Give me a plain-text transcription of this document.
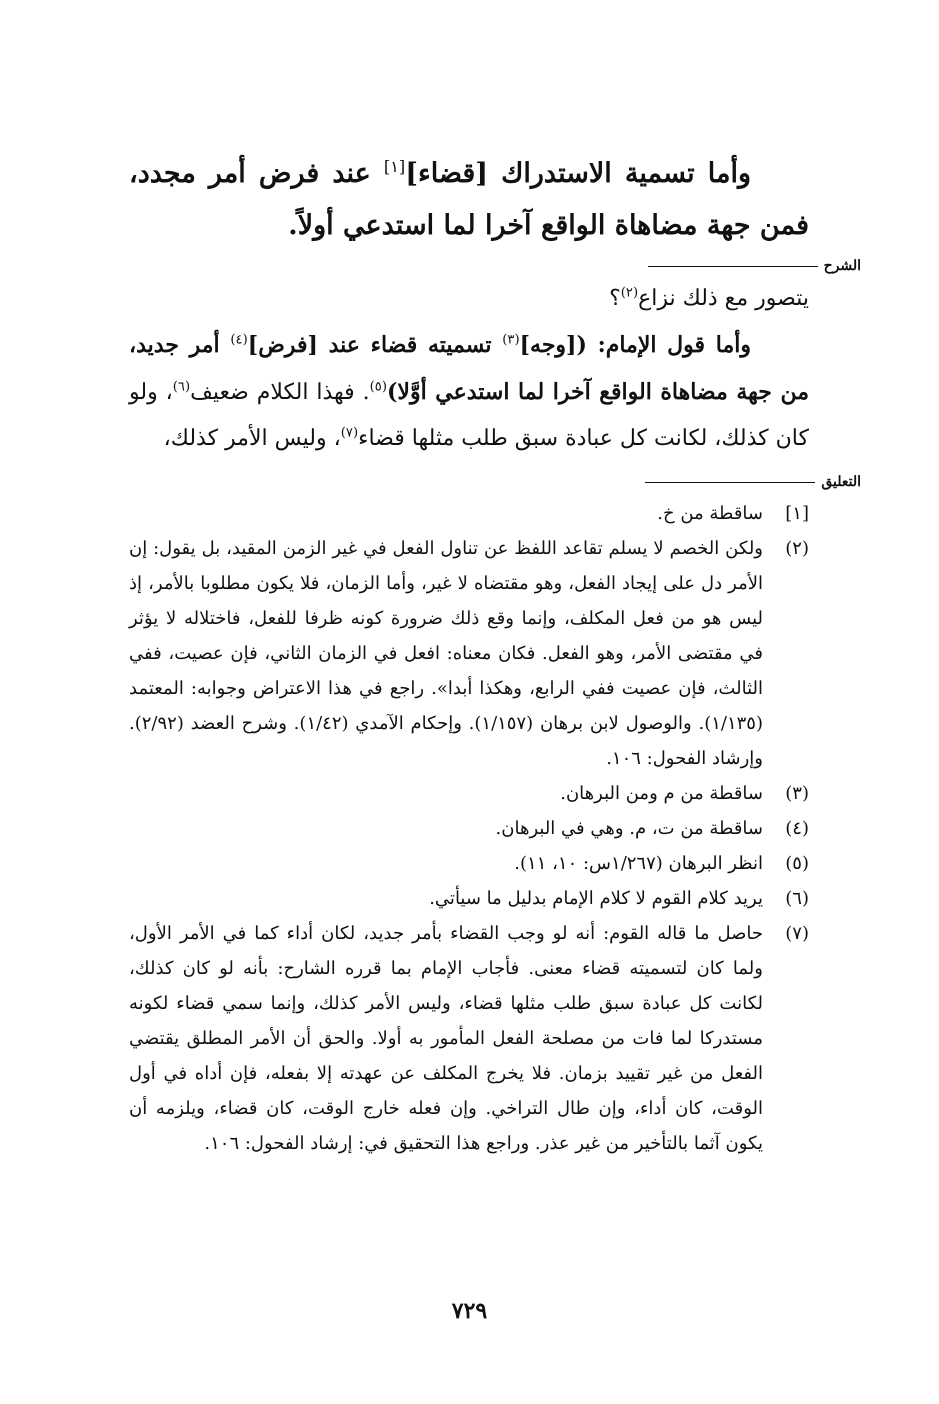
وأما تسمية الاستدراك [قضاء][١] عند فرض أمر مجدد، فمن جهة مضاهاة الواقع آخرا لما استدعي أولاً.

الشرح

يتصور مع ذلك نزاع$^{(٢)}$؟

وأما قول الإمام: ([وجه]$^{(٣)}$ تسميته قضاء عند [فرض]$^{(٤)}$ أمر جديد، من جهة مضاهاة الواقع آخرا لما استدعي أوَّلا)$^{(٥)}$. فهذا الكلام ضعيف$^{(٦)}$، ولو كان كذلك، لكانت كل عبادة سبق طلب مثلها قضاء$^{(٧)}$، وليس الأمر كذلك،

التعليق
[١]
ساقطة من خ.
(٢)
ولكن الخصم لا يسلم تقاعد اللفظ عن تناول الفعل في غير الزمن المقيد، بل يقول: إن الأمر دل على إيجاد الفعل، وهو مقتضاه لا غير، وأما الزمان، فلا يكون مطلوبا بالأمر، إذ ليس هو من فعل المكلف، وإنما وقع ذلك ضرورة كونه ظرفا للفعل، فاختلاله لا يؤثر في مقتضى الأمر، وهو الفعل. فكان معناه: افعل في الزمان الثاني، فإن عصيت، ففي الثالث، فإن عصيت ففي الرابع، وهكذا أبدا». راجع في هذا الاعتراض وجوابه: المعتمد (١/١٣٥). والوصول لابن برهان (١/١٥٧). وإحكام الآمدي (١/٤٢). وشرح العضد (٢/٩٢). وإرشاد الفحول: ١٠٦.
(٣)
ساقطة من م ومن البرهان.
(٤)
ساقطة من ت، م. وهي في البرهان.
(٥)
انظر البرهان (١/٢٦٧س: ١٠، ١١).
(٦)
يريد كلام القوم لا كلام الإمام بدليل ما سيأتي.
(٧)
حاصل ما قاله القوم: أنه لو وجب القضاء بأمر جديد، لكان أداء كما في الأمر الأول، ولما كان لتسميته قضاء معنى. فأجاب الإمام بما قرره الشارح: بأنه لو كان كذلك، لكانت كل عبادة سبق طلب مثلها قضاء، وليس الأمر كذلك، وإنما سمي قضاء لكونه مستدركا لما فات من مصلحة الفعل المأمور به أولا. والحق أن الأمر المطلق يقتضي الفعل من غير تقييد بزمان. فلا يخرج المكلف عن عهدته إلا بفعله، فإن أداه في أول الوقت، كان أداء، وإن طال التراخي. وإن فعله خارج الوقت، كان قضاء، ويلزمه أن يكون آثما بالتأخير من غير عذر. وراجع هذا التحقيق في: إرشاد الفحول: ١٠٦.
٧٢٩
